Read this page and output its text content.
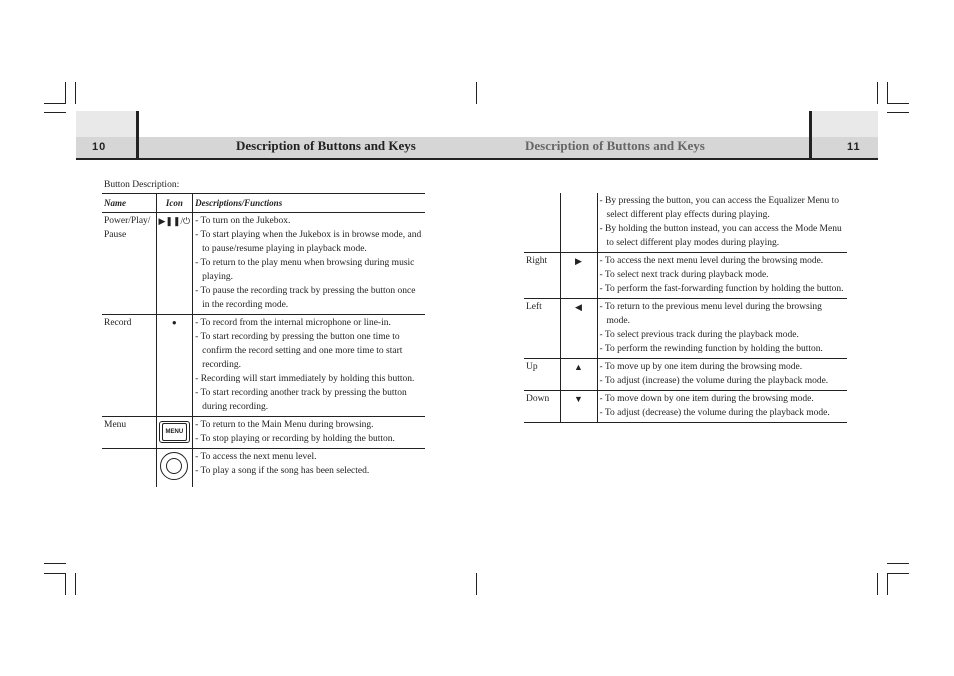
10	Description of Buttons and Keys	Description of Buttons and Keys	11
Button Description:
Name	Icon	Descriptions/Functions
Power/Play/ Pause	▶❚❚/⏻	- To turn on the Jukebox.
- To start playing when the Jukebox is in browse mode, and to pause/resume playing in playback mode.
- To return to the play menu when browsing during music playing.
- To pause the recording track by pressing the button once in the recording mode.

Record	●	- To record from the internal microphone or line-in.
- To start recording by pressing the button one time to confirm the record setting and one more time to start recording.
- Recording will start immediately by holding this button.
- To start recording another track by pressing the button during recording.

Menu	MENU	- To return to the Main Menu during browsing.
- To stop playing or recording by holding the button.

		- To access the next menu level.
- To play a song if the song has been selected.

		- By pressing the button, you can access the Equalizer Menu to select different play effects during playing.
- By holding the button instead, you can access the Mode Menu to select different play modes during playing.

Right	▶	- To access the next menu level during the browsing mode.
- To select next track during playback mode.
- To perform the fast-forwarding function by holding the button.

Left	◀	- To return to the previous menu level during the browsing mode.
- To select previous track during the playback mode.
- To perform the rewinding function by holding the button.

Up	▲	- To move up by one item during the browsing mode.
- To adjust (increase) the volume during the playback mode.

Down	▼	- To move down by one item during the browsing mode.
- To adjust (decrease) the volume during the playback mode.
